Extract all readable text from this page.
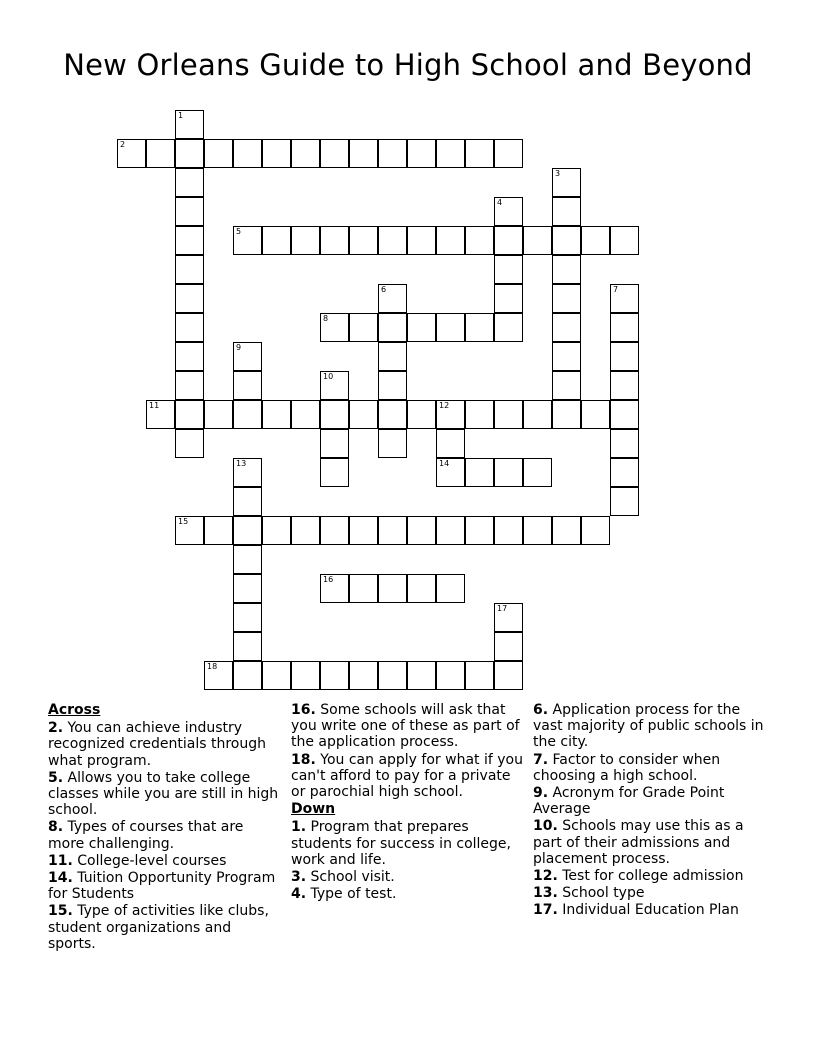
New Orleans Guide to High School and Beyond
1
2
3
4
5
6	7
8
9
10
11	12
14
13
15
16
17
18
Across
2. You can achieve industry recognized credentials through what program.
5. Allows you to take college classes while you are still in high school.
8. Types of courses that are more challenging.
11. College-level courses
14. Tuition Opportunity Program for Students
15. Type of activities like clubs, student organizations and sports.
16. Some schools will ask that you write one of these as part of the application process.
18. You can apply for what if you can't afford to pay for a private or parochial high school.
Down
1. Program that prepares students for success in college, work and life.
3. School visit.
4. Type of test.
6. Application process for the vast majority of public schools in the city.
7. Factor to consider when choosing a high school.
9. Acronym for Grade Point Average
10. Schools may use this as a part of their admissions and placement process.
12. Test for college admission
13. School type
17. Individual Education Plan
